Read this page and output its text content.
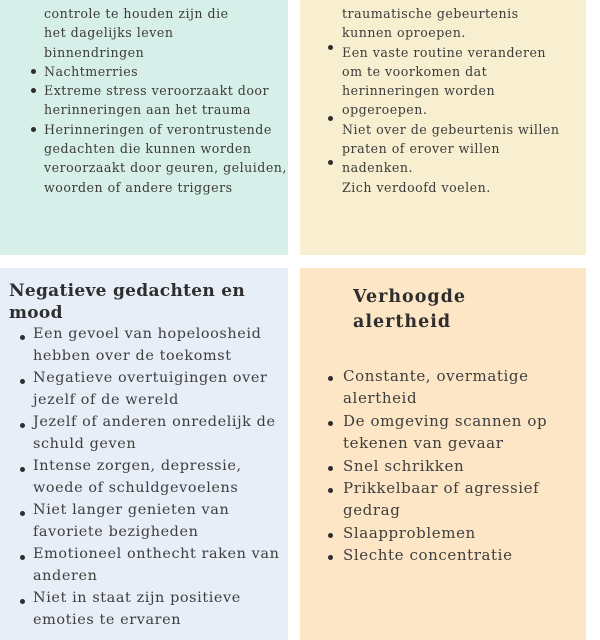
controle te houden zijn die
het dagelijks leven
binnendringen
Nachtmerries
Extreme stress veroorzaakt door herinneringen aan het trauma
Herinneringen of verontrustende gedachten die kunnen worden veroorzaakt door geuren, geluiden, woorden of andere triggers
traumatische gebeurtenis
kunnen oproepen.
Een vaste routine veranderen
om te voorkomen dat
herinneringen worden
opgeroepen.
Niet over de gebeurtenis willen
praten of erover willen
nadenken.
Zich verdoofd voelen.
Negatieve gedachten en mood
Een gevoel van hopeloosheid hebben over de toekomst
Negatieve overtuigingen over jezelf of de wereld
Jezelf of anderen onredelijk de schuld geven
Intense zorgen, depressie, woede of schuldgevoelens
Niet langer genieten van favoriete bezigheden
Emotioneel onthecht raken van anderen
Niet in staat zijn positieve emoties te ervaren
Verhoogde alertheid
Constante, overmatige alertheid
De omgeving scannen op tekenen van gevaar
Snel schrikken
Prikkelbaar of agressief gedrag
Slaapproblemen
Slechte concentratie
